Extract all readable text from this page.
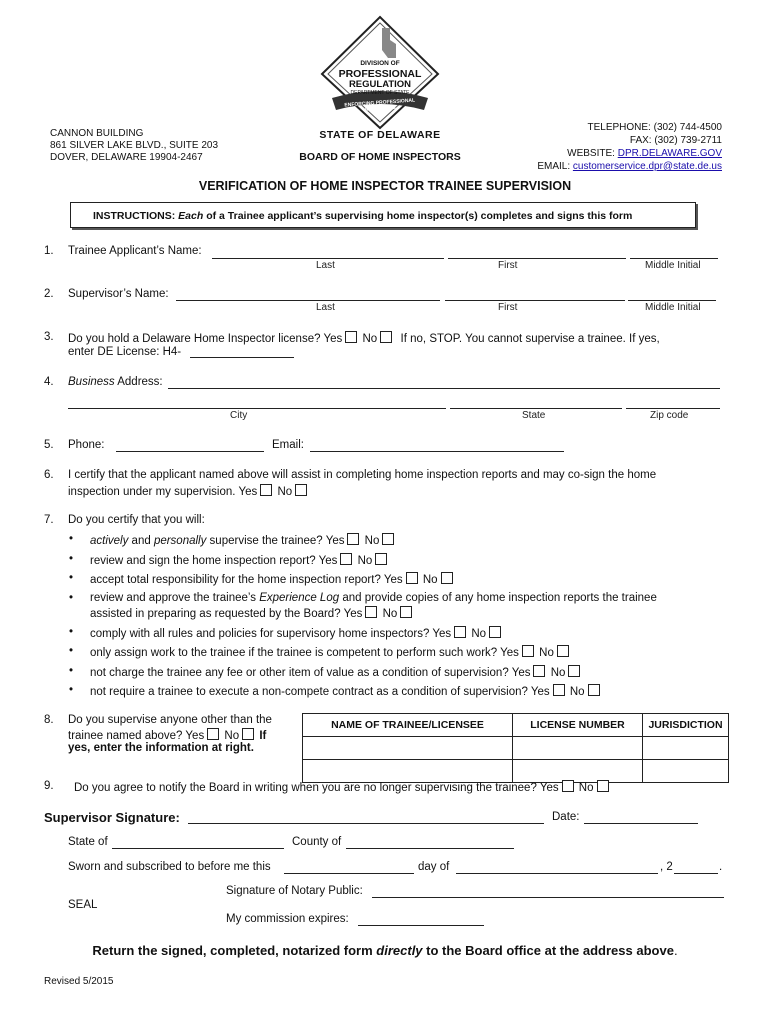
DIVISION OF
PROFESSIONAL
REGULATION
DEPARTMENT OF STATE
ENFORCING PROFESSIONAL STANDARDS
CANNON BUILDING
861 SILVER LAKE BLVD., SUITE 203
DOVER, DELAWARE 19904-2467
STATE OF DELAWARE
BOARD OF HOME INSPECTORS
TELEPHONE: (302) 744-4500
FAX: (302) 739-2711
WEBSITE: DPR.DELAWARE.GOV
EMAIL: customerservice.dpr@state.de.us
VERIFICATION OF HOME INSPECTOR TRAINEE SUPERVISION
INSTRUCTIONS: Each of a Trainee applicant’s supervising home inspector(s) completes and signs this form
1. Trainee Applicant’s Name:
Last	First	Middle Initial
2. Supervisor’s Name:
Last	First	Middle Initial
3. Do you hold a Delaware Home Inspector license? Yes No If no, STOP. You cannot supervise a trainee. If yes,
enter DE License: H4-
4. Business Address:
City	State	Zip code
5. Phone:	Email:
6. I certify that the applicant named above will assist in completing home inspection reports and may co-sign the home
inspection under my supervision. Yes No
7. Do you certify that you will:
• actively and personally supervise the trainee? Yes No
• review and sign the home inspection report? Yes No
• accept total responsibility for the home inspection report? Yes No
• review and approve the trainee’s Experience Log and provide copies of any home inspection reports the trainee
assisted in preparing as requested by the Board? Yes No
• comply with all rules and policies for supervisory home inspectors? Yes No
• only assign work to the trainee if the trainee is competent to perform such work? Yes No
• not charge the trainee any fee or other item of value as a condition of supervision? Yes No
• not require a trainee to execute a non-compete contract as a condition of supervision? Yes No
8. Do you supervise anyone other than the
trainee named above? Yes No If
yes, enter the information at right.
NAME OF TRAINEE/LICENSEE	LICENSE NUMBER	JURISDICTION

9. Do you agree to notify the Board in writing when you are no longer supervising the trainee? Yes No
Supervisor Signature:	Date:
State of	County of
Sworn and subscribed to before me this	day of	, 2	.
Signature of Notary Public:
SEAL
My commission expires:
Return the signed, completed, notarized form directly to the Board office at the address above.
Revised 5/2015
